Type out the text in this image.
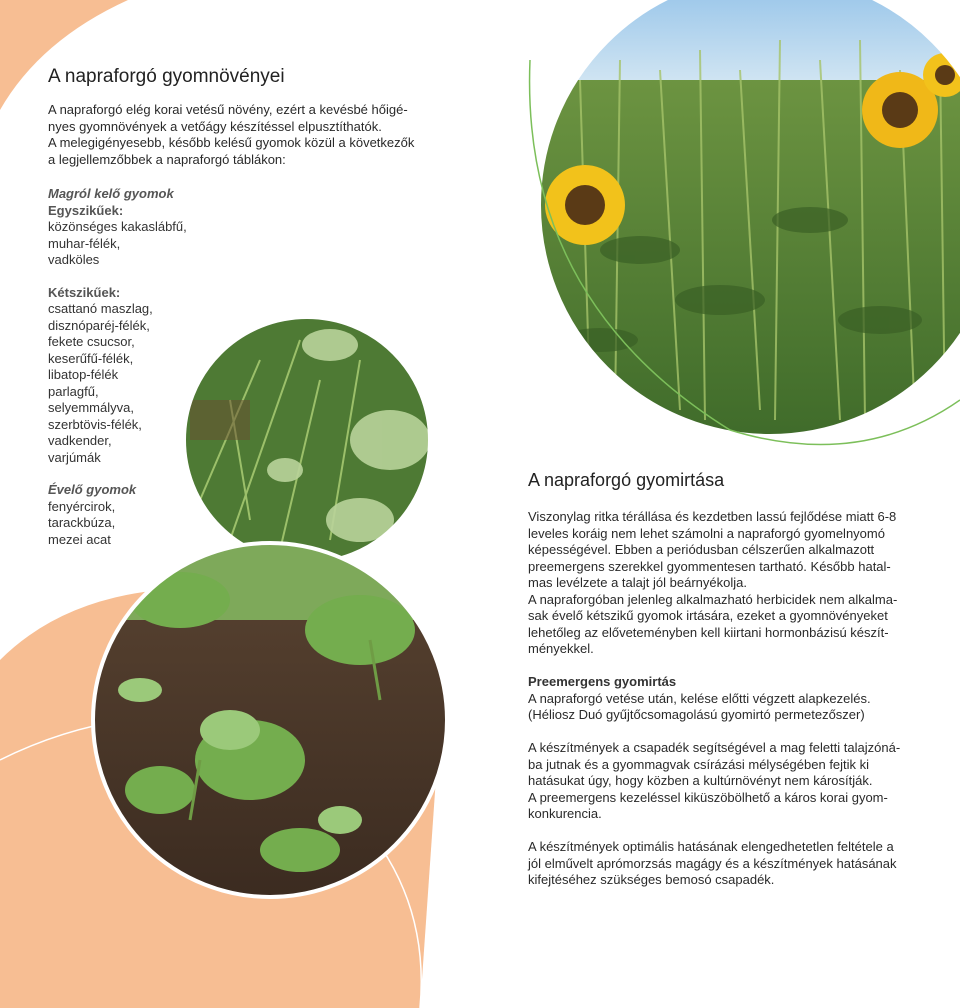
A napraforgó gyomnövényei

A napraforgó elég korai vetésű növény, ezért a kevésbé hőigé-

nyes gyomnövények a vetőágy készítéssel elpusztíthatók.

A melegigényesebb, később kelésű gyomok közül a következők

a legjellemzőbbek a napraforgó táblákon:

Magról kelő gyomok
Egyszikűek:
közönséges kakaslábfű,
muhar-félék,
vadköles
Kétszikűek:
csattanó maszlag,
disznóparéj-félék,
fekete csucsor,
keserűfű-félék,
libatop-félék
parlagfű,
selyemmályva,
szerbtövis-félék,
vadkender,
varjúmák
Évelő gyomok
fenyércirok,
tarackbúza,
mezei acat
A napraforgó gyomirtása

Viszonylag ritka térállása és kezdetben lassú fejlődése miatt 6-8

leveles koráig nem lehet számolni a napraforgó gyomelnyomó

képességével. Ebben a periódusban célszerűen alkalmazott

preemergens szerekkel gyommentesen tartható. Később hatal-

mas levélzete a talajt jól beárnyékolja.

A napraforgóban jelenleg alkalmazható herbicidek nem alkalma-

sak évelő kétszikű gyomok irtására, ezeket a gyomnövényeket

lehetőleg az előveteményben kell kiirtani hormonbázisú készít-

ményekkel.

Preemergens gyomirtás

A napraforgó vetése után, kelése előtti végzett alapkezelés.

(Héliosz Duó gyűjtőcsomagolású gyomirtó permetezőszer)

A készítmények a csapadék segítségével a mag feletti talajzóná-

ba jutnak és a gyommagvak csírázási mélységében fejtik ki

hatásukat úgy, hogy közben a kultúrnövényt nem károsítják.

A preemergens kezeléssel kiküszöbölhető a káros korai gyom-

konkurencia.

A készítmények optimális hatásának elengedhetetlen feltétele a

jól elművelt aprómorzsás magágy és a készítmények hatásának

kifejtéséhez szükséges bemosó csapadék.
